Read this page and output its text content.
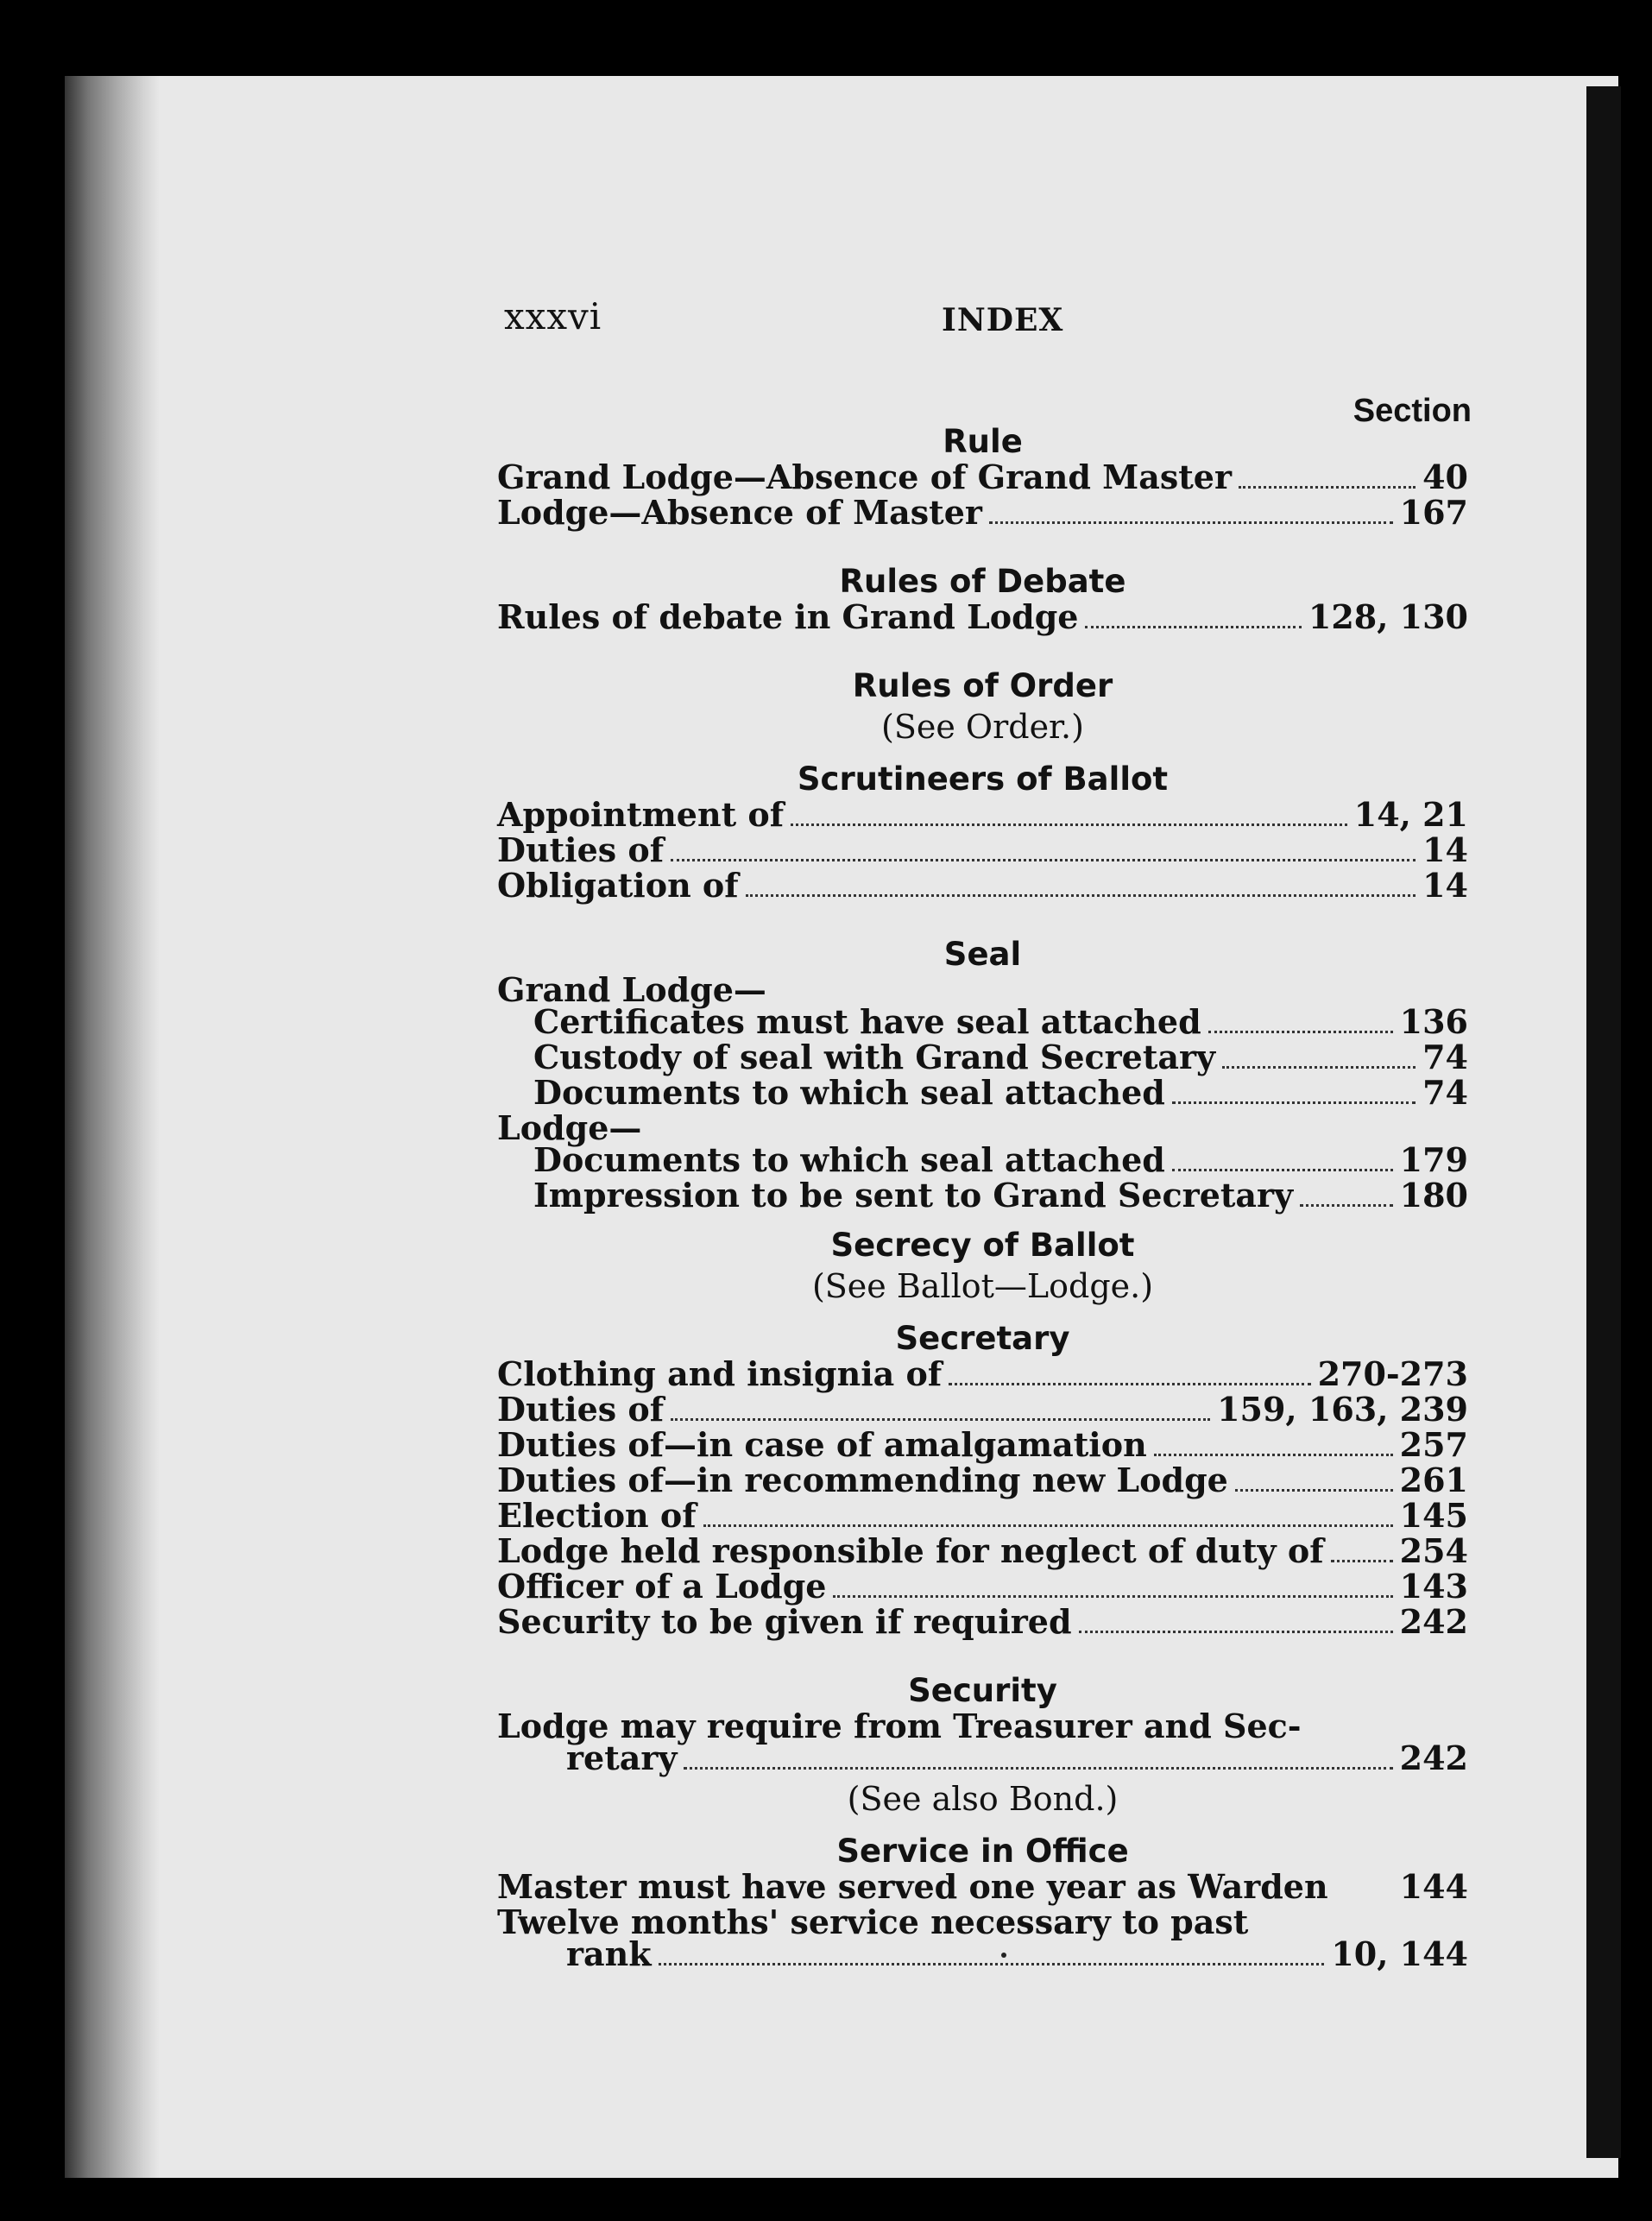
xxxvi	INDEX
Section
Rule
Grand Lodge—Absence of Grand Master	40
Lodge—Absence of Master	167
Rules of Debate
Rules of debate in Grand Lodge	128, 130
Rules of Order
(See Order.)
Scrutineers of Ballot
Appointment of	14, 21
Duties of	14
Obligation of	14
Seal
Grand Lodge—
Certificates must have seal attached	136
Custody of seal with Grand Secretary	74
Documents to which seal attached	74
Lodge—
Documents to which seal attached	179
Impression to be sent to Grand Secretary	180
Secrecy of Ballot
(See Ballot—Lodge.)
Secretary
Clothing and insignia of	270-273
Duties of	159, 163, 239
Duties of—in case of amalgamation	257
Duties of—in recommending new Lodge	261
Election of	145
Lodge held responsible for neglect of duty of 254
Officer of a Lodge	143
Security to be given if required	242
Security
Lodge may require from Treasurer and Sec-
retary	242
(See also Bond.)
Service in Office
Master must have served one year as Warden 144
Twelve months' service necessary to past
rank	10, 144
